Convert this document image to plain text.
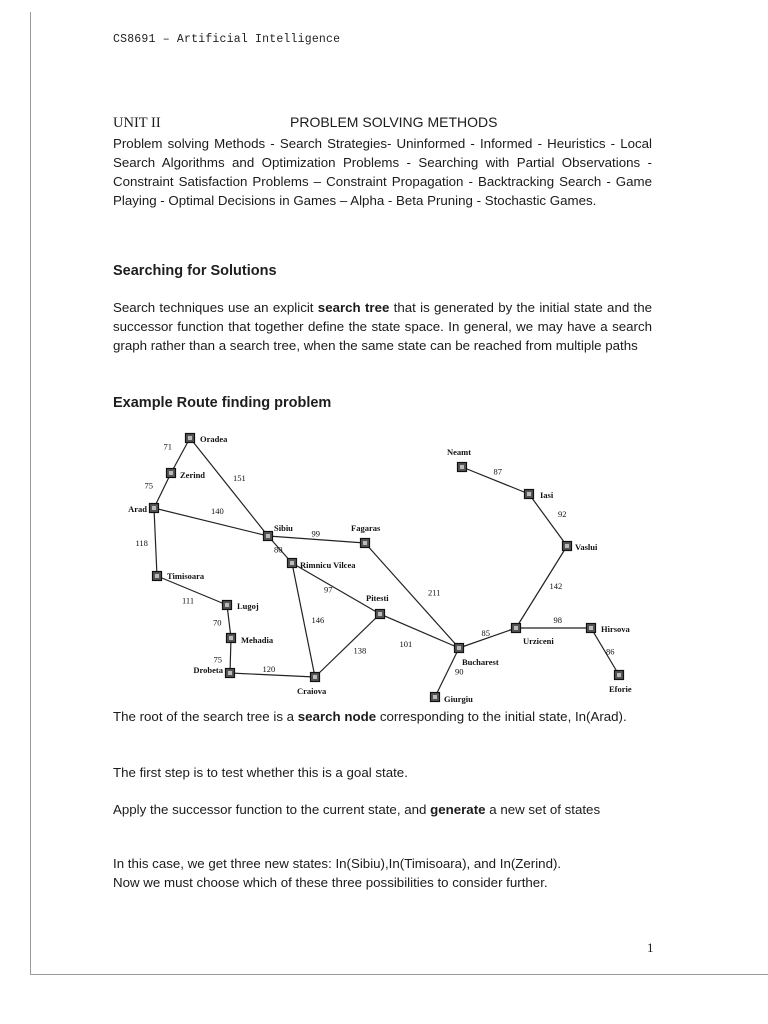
CS8691 – Artificial Intelligence
UNIT II	PROBLEM SOLVING METHODS
Problem solving Methods - Search Strategies- Uninformed - Informed - Heuristics - Local Search Algorithms and Optimization Problems - Searching with Partial Observations - Constraint Satisfaction Problems – Constraint Propagation - Backtracking Search - Game Playing - Optimal Decisions in Games – Alpha - Beta Pruning - Stochastic Games.
Searching for Solutions
Search techniques use an explicit search tree that is generated by the initial state and the successor function that together define the state space. In general, we may have a search graph rather than a search tree, when the same state can be reached from multiple paths
Example Route finding problem
71
75
151
140
118
99
80
111
70
75
120
97
146
138
211
101
90
85
98
86
142
92
87
Oradea
Zerind
Arad
Sibiu	Fagaras
Timisoara
Rimnicu Vilcea
Lugoj
Pitesti
Mehadia
Drobeta
Craiova
Bucharest
Giurgiu
Urziceni
Hirsova
Eforie
Vaslui
Iasi
Neamt
The root of the search tree is a search node corresponding to the initial state, In(Arad).
The first step is to test whether this is a goal state.
Apply the successor function to the current state, and generate a new set of states
In this case, we get three new states: In(Sibiu),In(Timisoara), and In(Zerind).
Now we must choose which of these three possibilities to consider further.
1
